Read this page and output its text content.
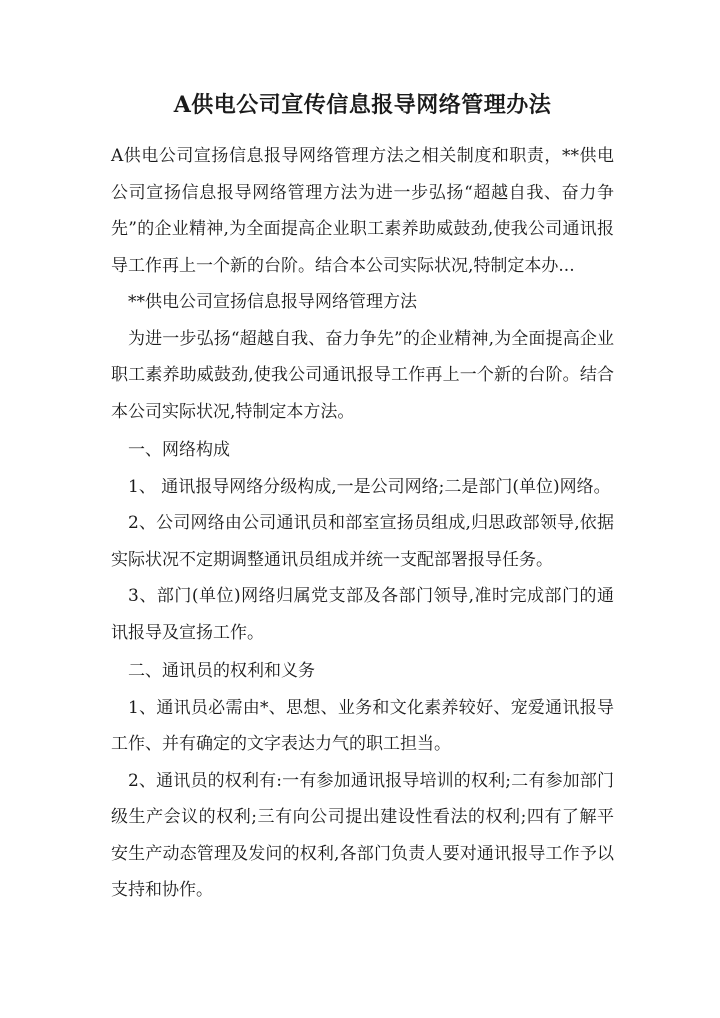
A供电公司宣传信息报导网络管理办法

A供电公司宣扬信息报导网络管理方法之相关制度和职责，**供电公司宣扬信息报导网络管理方法为进一步弘扬“超越自我、奋力争先”的企业精神,为全面提高企业职工素养助威鼓劲,使我公司通讯报导工作再上一个新的台阶。结合本公司实际状况,特制定本办...

**供电公司宣扬信息报导网络管理方法

为进一步弘扬“超越自我、奋力争先”的企业精神,为全面提高企业职工素养助威鼓劲,使我公司通讯报导工作再上一个新的台阶。结合本公司实际状况,特制定本方法。

一、网络构成

1、 通讯报导网络分级构成,一是公司网络;二是部门(单位)网络。

2、公司网络由公司通讯员和部室宣扬员组成,归思政部领导,依据实际状况不定期调整通讯员组成并统一支配部署报导任务。

3、部门(单位)网络归属党支部及各部门领导,准时完成部门的通讯报导及宣扬工作。

二、通讯员的权利和义务

1、通讯员必需由*、思想、业务和文化素养较好、宠爱通讯报导工作、并有确定的文字表达力气的职工担当。

2、通讯员的权利有:一有参加通讯报导培训的权利;二有参加部门级生产会议的权利;三有向公司提出建设性看法的权利;四有了解平安生产动态管理及发问的权利,各部门负责人要对通讯报导工作予以支持和协作。
